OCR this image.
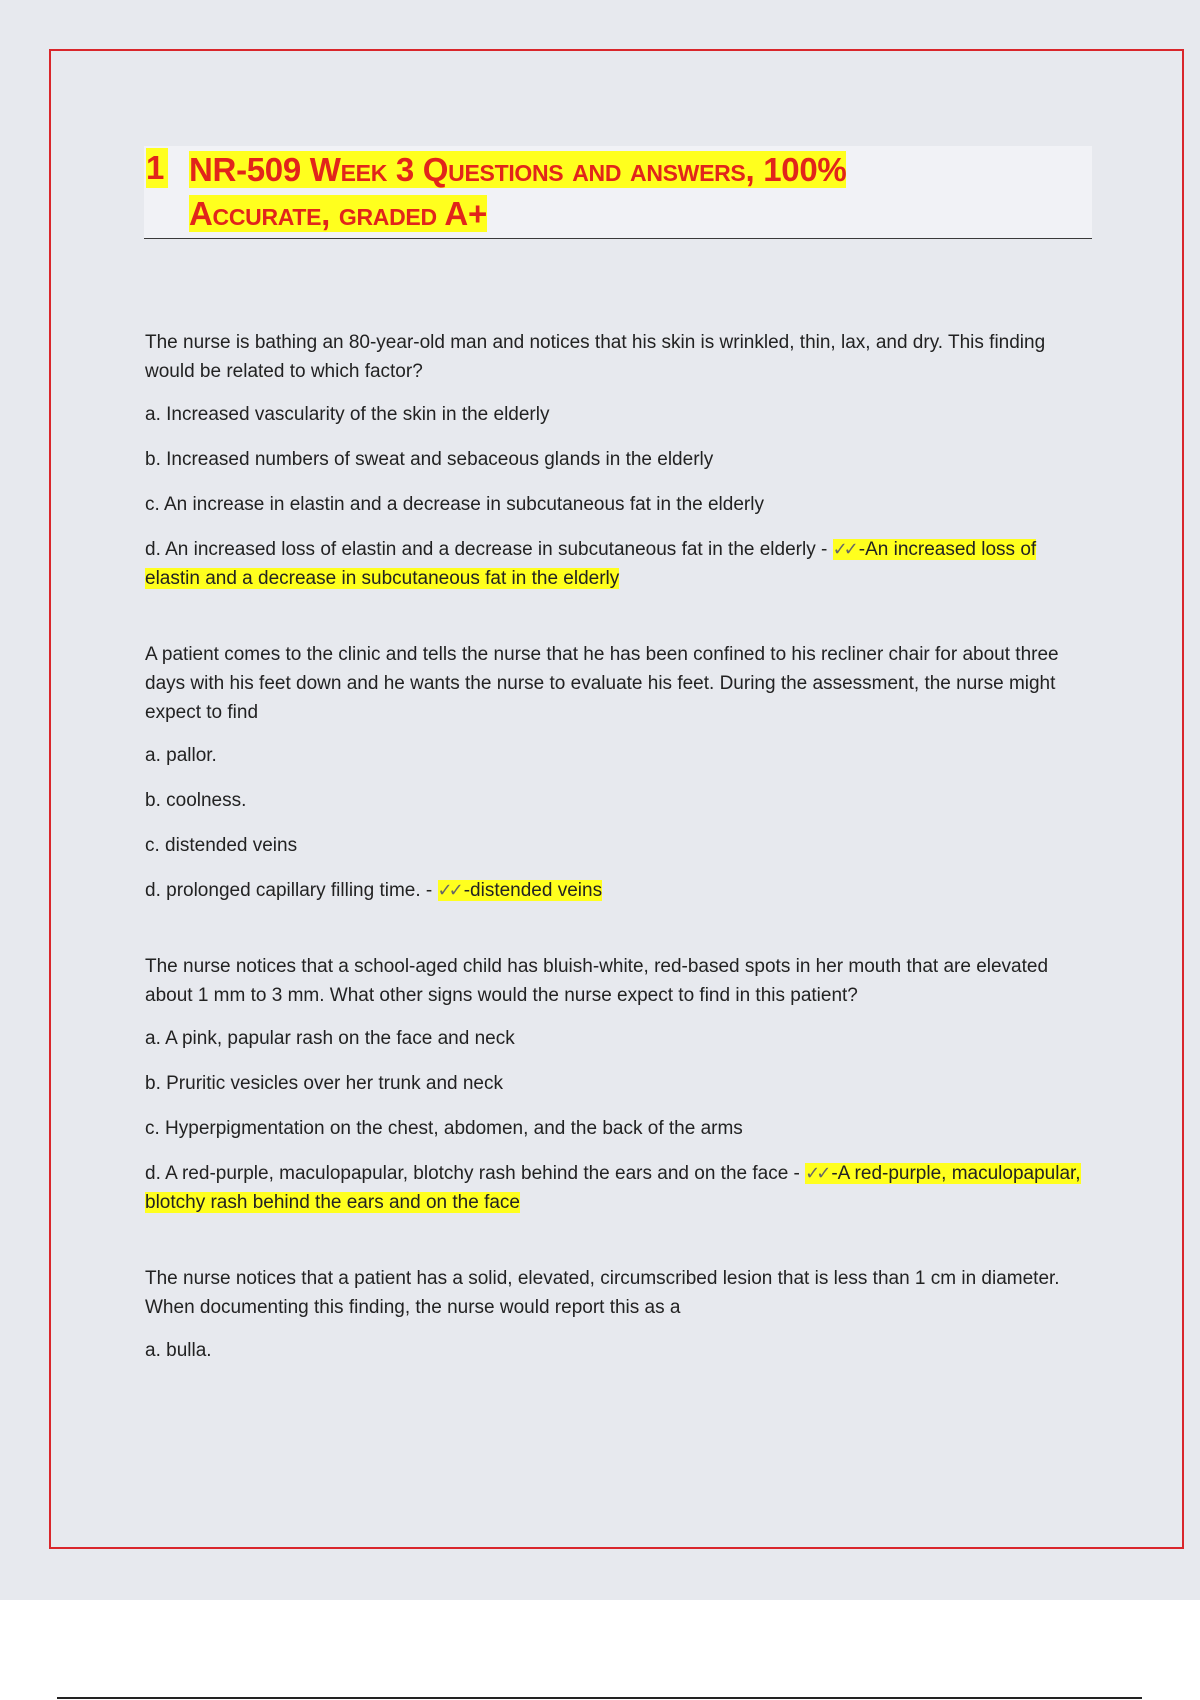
1 NR-509 Week 3 Questions and answers, 100%
Accurate, graded A+
The nurse is bathing an 80-year-old man and notices that his skin is wrinkled, thin, lax, and dry. This finding would be related to which factor?
a. Increased vascularity of the skin in the elderly
b. Increased numbers of sweat and sebaceous glands in the elderly
c. An increase in elastin and a decrease in subcutaneous fat in the elderly
d. An increased loss of elastin and a decrease in subcutaneous fat in the elderly - ✓✓ -An increased loss of elastin and a decrease in subcutaneous fat in the elderly
A patient comes to the clinic and tells the nurse that he has been confined to his recliner chair for about three days with his feet down and he wants the nurse to evaluate his feet. During the assessment, the nurse might expect to find
a. pallor.
b. coolness.
c. distended veins
d. prolonged capillary filling time. - ✓✓ -distended veins
The nurse notices that a school-aged child has bluish-white, red-based spots in her mouth that are elevated about 1 mm to 3 mm. What other signs would the nurse expect to find in this patient?
a. A pink, papular rash on the face and neck
b. Pruritic vesicles over her trunk and neck
c. Hyperpigmentation on the chest, abdomen, and the back of the arms
d. A red-purple, maculopapular, blotchy rash behind the ears and on the face - ✓✓ -A red-purple, maculopapular, blotchy rash behind the ears and on the face
The nurse notices that a patient has a solid, elevated, circumscribed lesion that is less than 1 cm in diameter. When documenting this finding, the nurse would report this as a
a. bulla.
